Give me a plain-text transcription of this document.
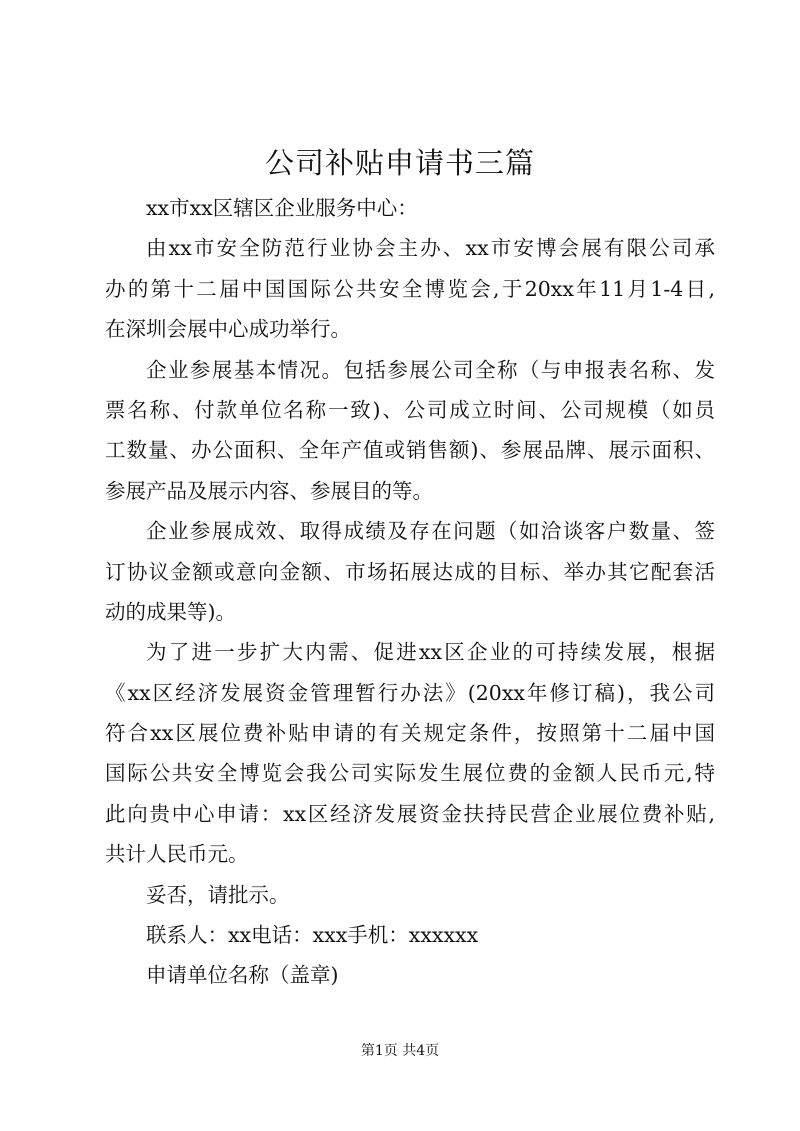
公司补贴申请书三篇
xx市xx区辖区企业服务中心：
由xx市安全防范行业协会主办、xx市安博会展有限公司承
办的第十二届中国国际公共安全博览会,于20xx年11月1-4日,
在深圳会展中心成功举行。
企业参展基本情况。包括参展公司全称（与申报表名称、发
票名称、付款单位名称一致)、公司成立时间、公司规模（如员
工数量、办公面积、全年产值或销售额)、参展品牌、展示面积、
参展产品及展示内容、参展目的等。
企业参展成效、取得成绩及存在问题（如洽谈客户数量、签
订协议金额或意向金额、市场拓展达成的目标、举办其它配套活
动的成果等)。
为了进一步扩大内需、促进xx区企业的可持续发展，根据
《xx区经济发展资金管理暂行办法》(20xx年修订稿)，我公司
符合xx区展位费补贴申请的有关规定条件，按照第十二届中国
国际公共安全博览会我公司实际发生展位费的金额人民币元,特
此向贵中心申请：xx区经济发展资金扶持民营企业展位费补贴,
共计人民币元。
妥否，请批示。
联系人：xx电话：xxx手机：xxxxxx
申请单位名称（盖章)
第1页 共4页
